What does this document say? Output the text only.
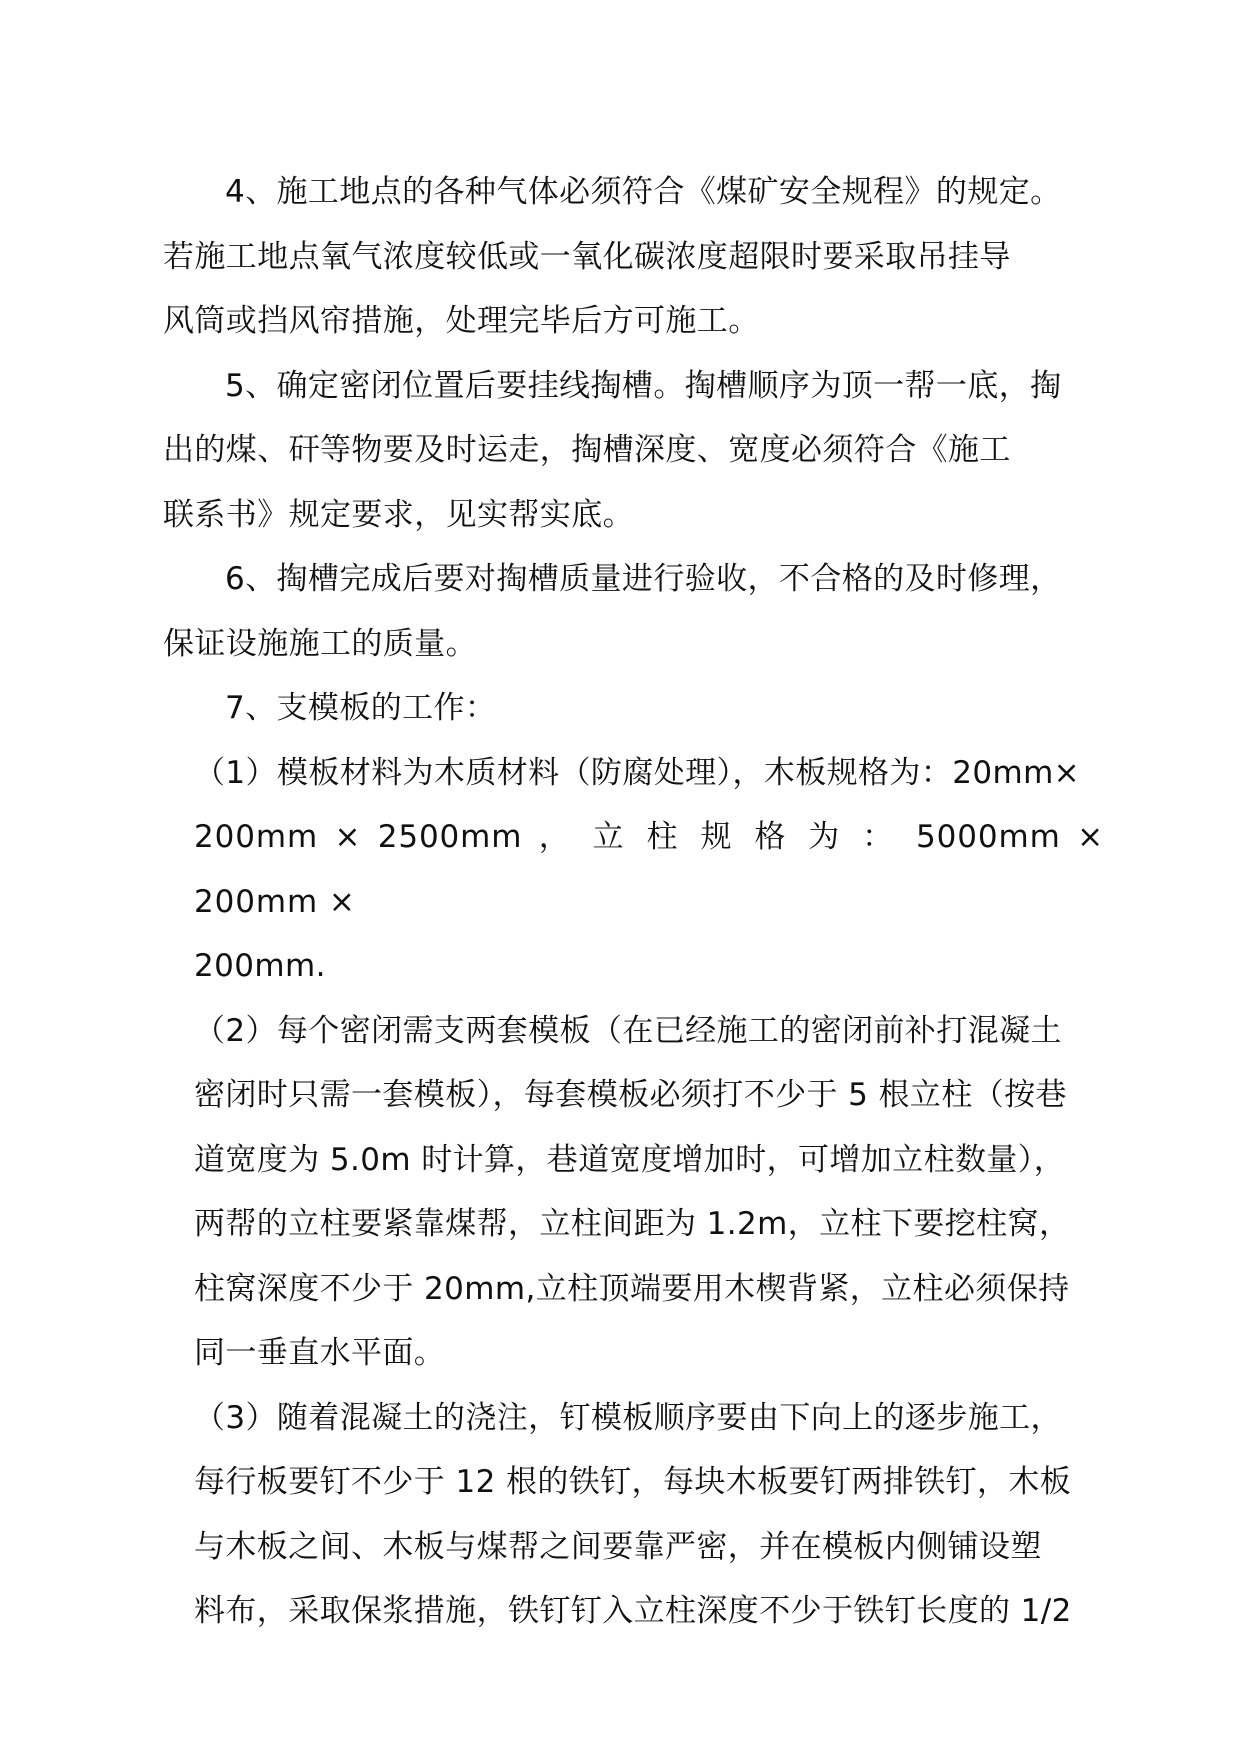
4、施工地点的各种气体必须符合《煤矿安全规程》的规定。
若施工地点氧气浓度较低或一氧化碳浓度超限时要采取吊挂导
风筒或挡风帘措施，处理完毕后方可施工。
5、确定密闭位置后要挂线掏槽。掏槽顺序为顶一帮一底，掏
出的煤、矸等物要及时运走，掏槽深度、宽度必须符合《施工
联系书》规定要求，见实帮实底。
6、掏槽完成后要对掏槽质量进行验收，不合格的及时修理，
保证设施施工的质量。
7、支模板的工作：
（1）模板材料为木质材料（防腐处理），木板规格为：20mm×
200mm × 2500mm ， 立 柱 规 格 为 ： 5000mm × 200mm ×
200mm.
（2）每个密闭需支两套模板（在已经施工的密闭前补打混凝土
密闭时只需一套模板），每套模板必须打不少于 5 根立柱（按巷
道宽度为 5.0m 时计算，巷道宽度增加时，可增加立柱数量），
两帮的立柱要紧靠煤帮，立柱间距为 1.2m，立柱下要挖柱窝，
柱窝深度不少于 20mm,立柱顶端要用木楔背紧，立柱必须保持
同一垂直水平面。
（3）随着混凝土的浇注，钉模板顺序要由下向上的逐步施工，
每行板要钉不少于 12 根的铁钉，每块木板要钉两排铁钉，木板
与木板之间、木板与煤帮之间要靠严密，并在模板内侧铺设塑
料布，采取保浆措施，铁钉钉入立柱深度不少于铁钉长度的 1/2
